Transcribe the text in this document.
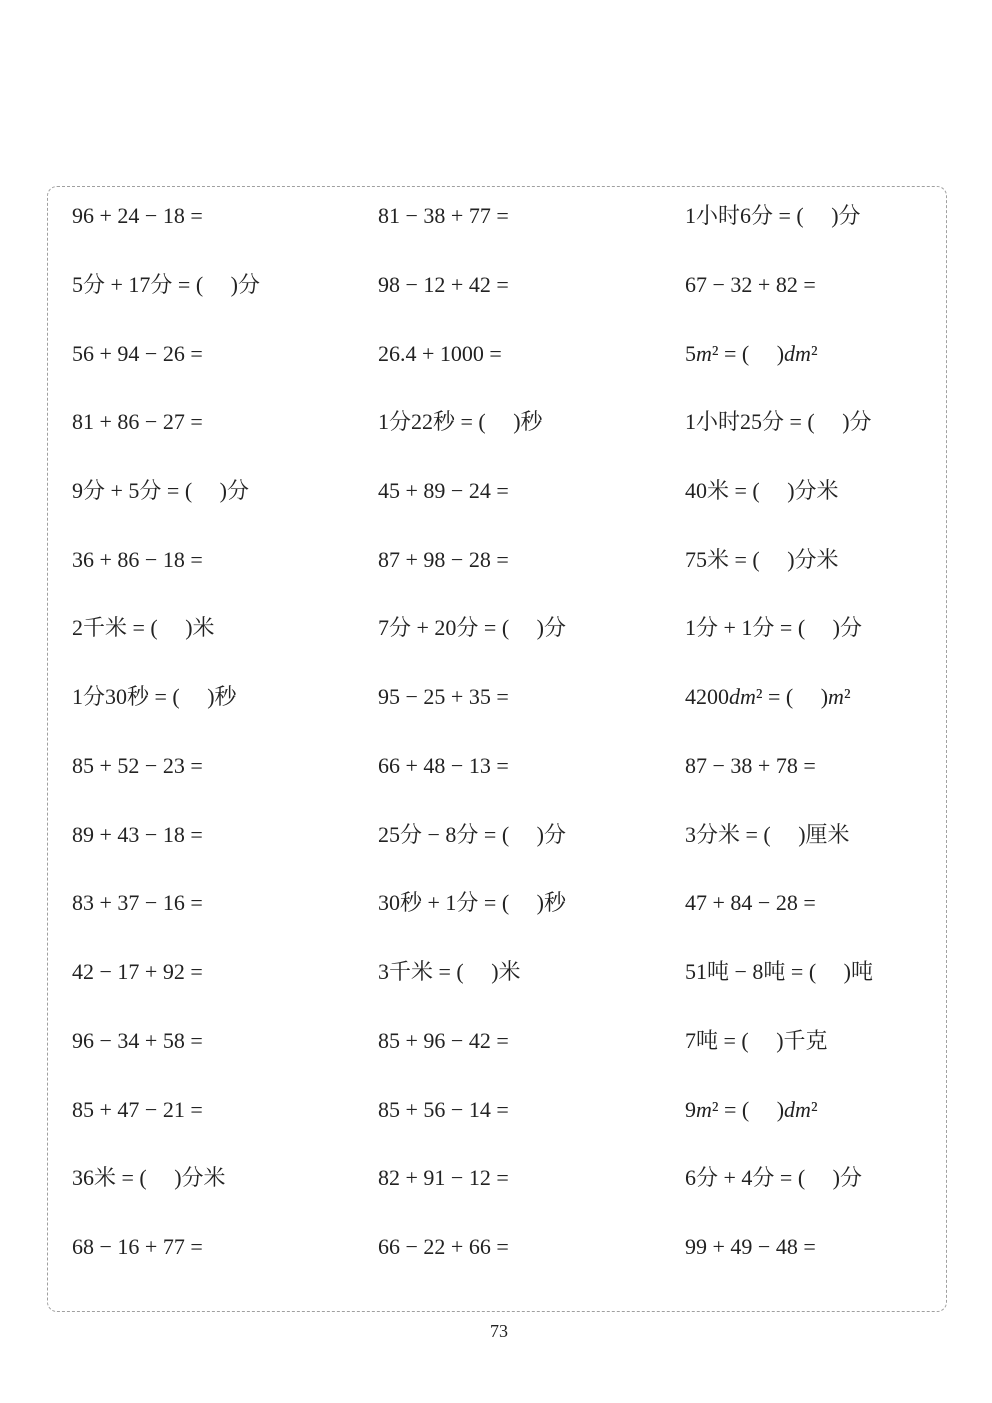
96 + 24 − 18 =	81 − 38 + 77 =	1小时6分 = (     )分
5分 + 17分 = (     )分	98 − 12 + 42 =	67 − 32 + 82 =
56 + 94 − 26 =	26.4 + 1000 =	5m² = (     )dm²
81 + 86 − 27 =	1分22秒 = (     )秒	1小时25分 = (     )分
9分 + 5分 = (     )分	45 + 89 − 24 =	40米 = (     )分米
36 + 86 − 18 =	87 + 98 − 28 =	75米 = (     )分米
2千米 = (     )米	7分 + 20分 = (     )分	1分 + 1分 = (     )分
1分30秒 = (     )秒	95 − 25 + 35 =	4200dm² = (     )m²
85 + 52 − 23 =	66 + 48 − 13 =	87 − 38 + 78 =
89 + 43 − 18 =	25分 − 8分 = (     )分	3分米 = (     )厘米
83 + 37 − 16 =	30秒 + 1分 = (     )秒	47 + 84 − 28 =
42 − 17 + 92 =	3千米 = (     )米	51吨 − 8吨 = (     )吨
96 − 34 + 58 =	85 + 96 − 42 =	7吨 = (     )千克
85 + 47 − 21 =	85 + 56 − 14 =	9m² = (     )dm²
36米 = (     )分米	82 + 91 − 12 =	6分 + 4分 = (     )分
68 − 16 + 77 =	66 − 22 + 66 =	99 + 49 − 48 =
73
